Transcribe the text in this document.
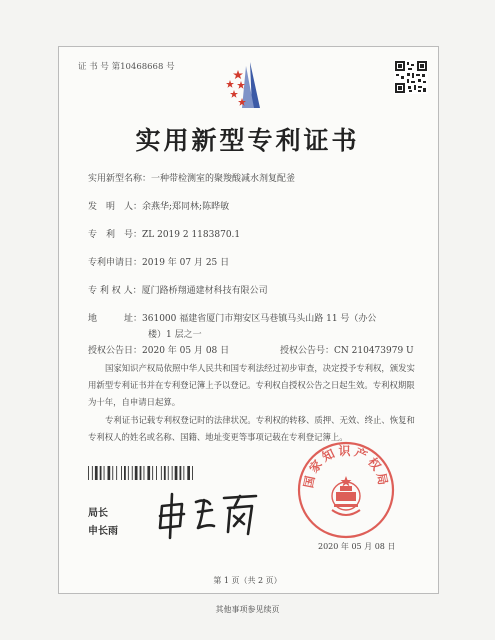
证 书 号 第10468668 号
实用新型专利证书
实用新型名称：一种带检测室的聚羧酸减水剂复配釜
发　明　人：余燕华;郑同林;陈晔敏
专　利　号：ZL 2019 2 1183870.1
专利申请日：2019 年 07 月 25 日
专 利 权 人：厦门路桥翔通建材科技有限公司
地　　　址：361000 福建省厦门市翔安区马巷镇马头山路 11 号（办公
楼）1 层之一
授权公告日：2020 年 05 月 08 日	授权公告号：CN 210473979 U
国家知识产权局依照中华人民共和国专利法经过初步审查，决定授予专利权，颁发实用新型专利证书并在专利登记簿上予以登记。专利权自授权公告之日起生效。专利权期限为十年，自申请日起算。
专利证书记载专利权登记时的法律状况。专利权的转移、质押、无效、终止、恢复和专利权人的姓名或名称、国籍、地址变更等事项记载在专利登记簿上。
局长
申长雨
国家知识产权局
2020 年 05 月 08 日
第 1 页（共 2 页）
其他事项参见续页
